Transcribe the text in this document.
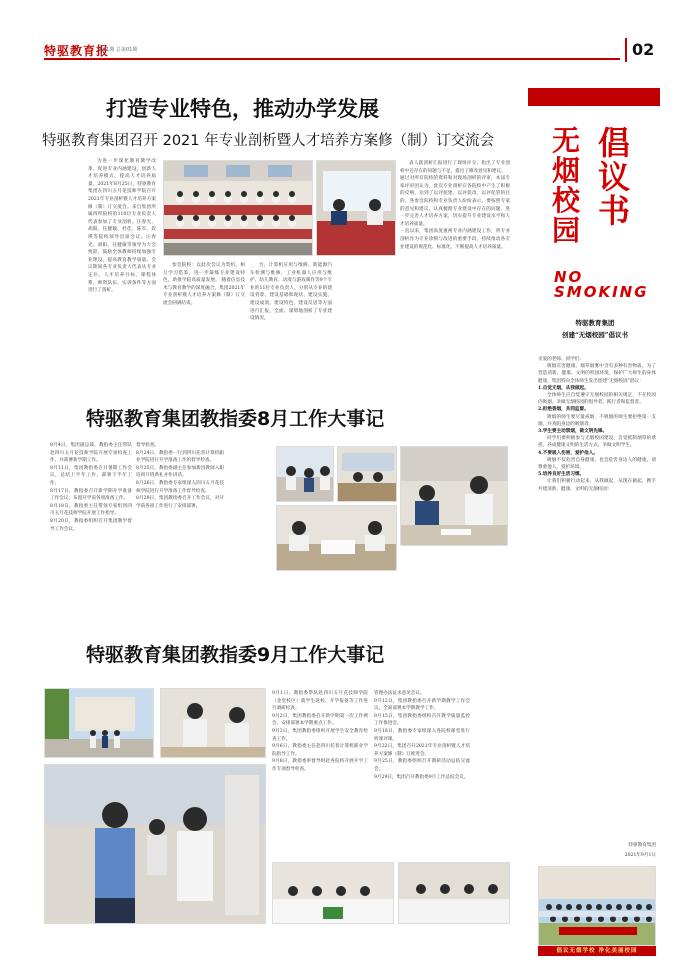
特驱教育报
第01期 总第01期	02
打造专业特色，推动办学发展
特驱教育集团召开 2021 年专业剖析暨人才培养方案修（制）订交流会
为进一步深化教育教学改革，促进专业内涵建设，创新人才培养模式，提高人才培养质量，2021年8月25日，特驱教育集团在四川五月花技师学院召开2021年专业剖析暨人才培养方案修（制）订交流会。来自集团所属四所院校的110位专业负责人代表参加了专业剖析。汪春光、胡阳、任健敏、杜佳、陈军、段瑛等院校领导出席会议。汪春光、胡阳、任健敏等领导为大会致辞，鼓励全体教师持续加强专业建设，提高教育教学质量。会议期间各专业负责人代表从专业定位、人才培养目标、课程体系、师资队伍、实训条件等方面进行了剖析。
参会院校：以此次会议为契机，相互学习借鉴，进一步凝练专业建设特色，助推学院高质量发展。 随着信息技术与教育教学的深度融合，集团2021年专业剖析暨人才培养方案修（制）订交流会圆满结束。
台，计算机应用与维修、新能源汽车检测与维修、工业机器人应用与维护、幼儿教育、动漫与游戏制作等9个专业的11位专业负责人，分别从专业的建设背景、建设基础和现状、建设实施、建设成效、建设特色、建设反思等方面进行汇报，全面、深刻地剖析了专业建设情况。
表人就剖析汇报进行了现场评分，指出了专业剖析中还存在的问题与不足，提出了修改意见和建议。
通过对所有院校的资料和对现场剖析的评审，本届专家评审团认为，此次专业剖析在各院校中产生了积极的反响，达到了以评促建、以评促改、以评促管的目的。各参会院校和专业负责人纷纷表示，要按照专家的意见和建议，认真梳理专业建设中存在的问题，进一步完善人才培养方案，切实提升专业建设水平和人才培养质量。
一直以来，集团高度重视专业内涵建设工作，将专业剖析作为专业诊断与改进的重要手段，持续推动各专业建设的规范化、标准化，不断提高人才培养质量。
特驱教育集团教指委8月工作大事记
8月4日，集团副总裁、教指委主任带队赴四川五月花技师学院开展专项检查工作，并部署新学期工作。
8月11日，集团教指委召开暑期工作会议，总结上半年工作，部署下半年工作。
8月17日，教指委召开新学期开学准备工作会议，布置开学前各项准备工作。
8月18日，教指委主任带领专家组到四川五月花技师学院开展工作指导。
8月20日，教指委组织召开集团教学督导工作会议。
督导检查。
8月24日，教指委一行到四川托普计算机职业学院进行开学准备工作的督导检查。
8月25日，教指委副主任参加新进教师入职培训开班典礼并作讲话。
8月26日，教指委专家组深入四川五月花技师学院进行开学准备工作督导检查。
8月29日，集团教指委召开工作会议，对开学前各项工作进行了安排部署。
特驱教育集团教指委9月工作大事记
9月1日，教指委带队赴四川五月花技师学院（金堂校区）就学生返校、开学报备等工作进行调研检查。
9月2日，集团教指委召开新学期第一次工作例会，安排部署本学期重点工作。
9月3日，集团教指委组织开展学生安全教育检查工作。
9月6日，教指委主任赴四川托普计算机职业学院指导工作。
9月8日，教指委率督导组赴各院校开展开学工作专项督导检查。
管理办法征求意见会议。
9月12日，集团教指委召开新学期教学工作会议，全面部署本学期教学工作。
9月15日，集团教指委组织召开教学质量监控工作推进会。
9月18日，教指委专家组深入各院校课堂进行听课评课。
9月22日，集团召开2021年专业剖析暨人才培养方案修（制）订推进会。
9月25日，教指委组织召开教研活动总结交流会。
9月29日，集团召开教指委9月工作总结会议。
无烟校园
倡议书
NO
SMOKING
特驱教育集团
创建“无烟校园”倡议书

亲爱的老师、同学们：

吸烟有害健康，烟草烟雾中含有多种有害物质。为了营造清新、健康、文明的校园环境，保护广大师生的身体健康，集团特向全体师生发出创建“无烟校园”倡议：

1.自觉无烟，从我做起。

全体师生应自觉遵守无烟校园的相关规定，不在校园内吸烟，争做无烟校园的倡导者、践行者和监督者。

2.拒绝香烟，共同监督。

吸烟的师生要尽量戒烟，不吸烟的师生要拒绝第一支烟，并劝阻身边的吸烟者。

3.学生要主动禁烟，做文明先锋。

同学们要积极参与无烟校园建设，自觉抵制烟草的诱惑，养成健康文明的生活方式，争做文明学生。

4.不要吸入伤害，爱护他人。

吸烟不仅危害自身健康，也会危害身边人的健康，请尊重他人，爱护环境。

5.培养良好生活习惯。

让我们积极行动起来，从我做起，从现在做起，携手共建清新、健康、文明的无烟校园！

特驱教育集团
2021年9月1日
倡议无烟学校 净化美丽校园
